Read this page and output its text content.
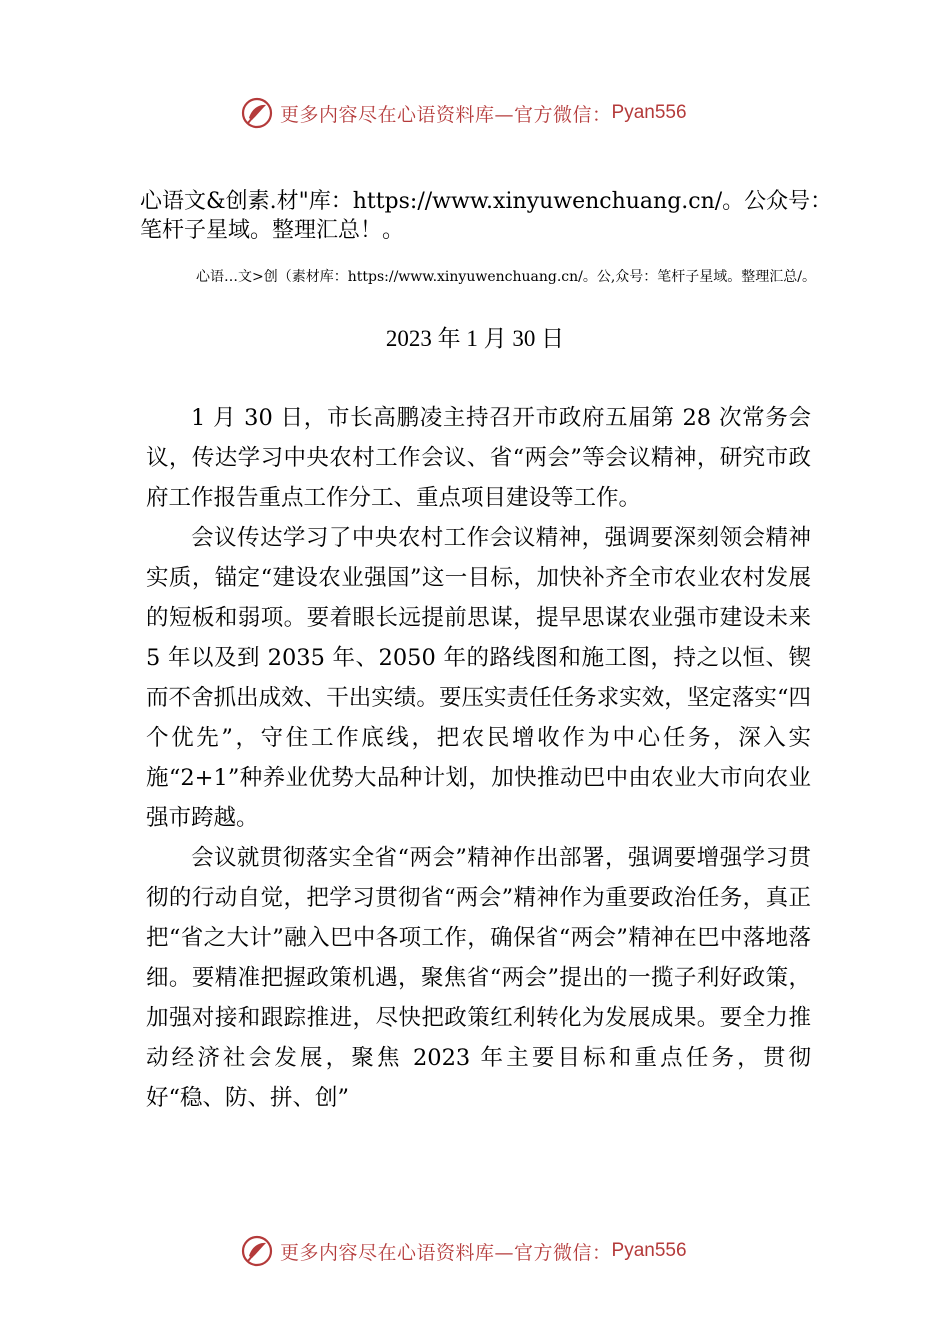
更多内容尽在心语资料库—官方微信： Pyan556

心语文&创素.材"库：https://www.xinyuwenchuang.cn/。公众号：笔杆子星域。整理汇总！。

心语…文>创（素材库：https://www.xinyuwenchuang.cn/。公,众号：笔杆子星域。整理汇总/。

2023 年 1 月 30 日

1 月 30 日，市长高鹏凌主持召开市政府五届第 28 次常务会议，传达学习中央农村工作会议、省“两会”等会议精神，研究市政府工作报告重点工作分工、重点项目建设等工作。

会议传达学习了中央农村工作会议精神，强调要深刻领会精神实质，锚定“建设农业强国”这一目标，加快补齐全市农业农村发展的短板和弱项。要着眼长远提前思谋，提早思谋农业强市建设未来 5 年以及到 2035 年、2050 年的路线图和施工图，持之以恒、锲而不舍抓出成效、干出实绩。要压实责任任务求实效，坚定落实“四个优先”，守住工作底线，把农民增收作为中心任务，深入实施“2+1”种养业优势大品种计划，加快推动巴中由农业大市向农业强市跨越。

会议就贯彻落实全省“两会”精神作出部署，强调要增强学习贯彻的行动自觉，把学习贯彻省“两会”精神作为重要政治任务，真正把“省之大计”融入巴中各项工作，确保省“两会”精神在巴中落地落细。要精准把握政策机遇，聚焦省“两会”提出的一揽子利好政策，加强对接和跟踪推进，尽快把政策红利转化为发展成果。要全力推动经济社会发展，聚焦 2023 年主要目标和重点任务，贯彻好“稳、防、拼、创”

更多内容尽在心语资料库—官方微信： Pyan556
